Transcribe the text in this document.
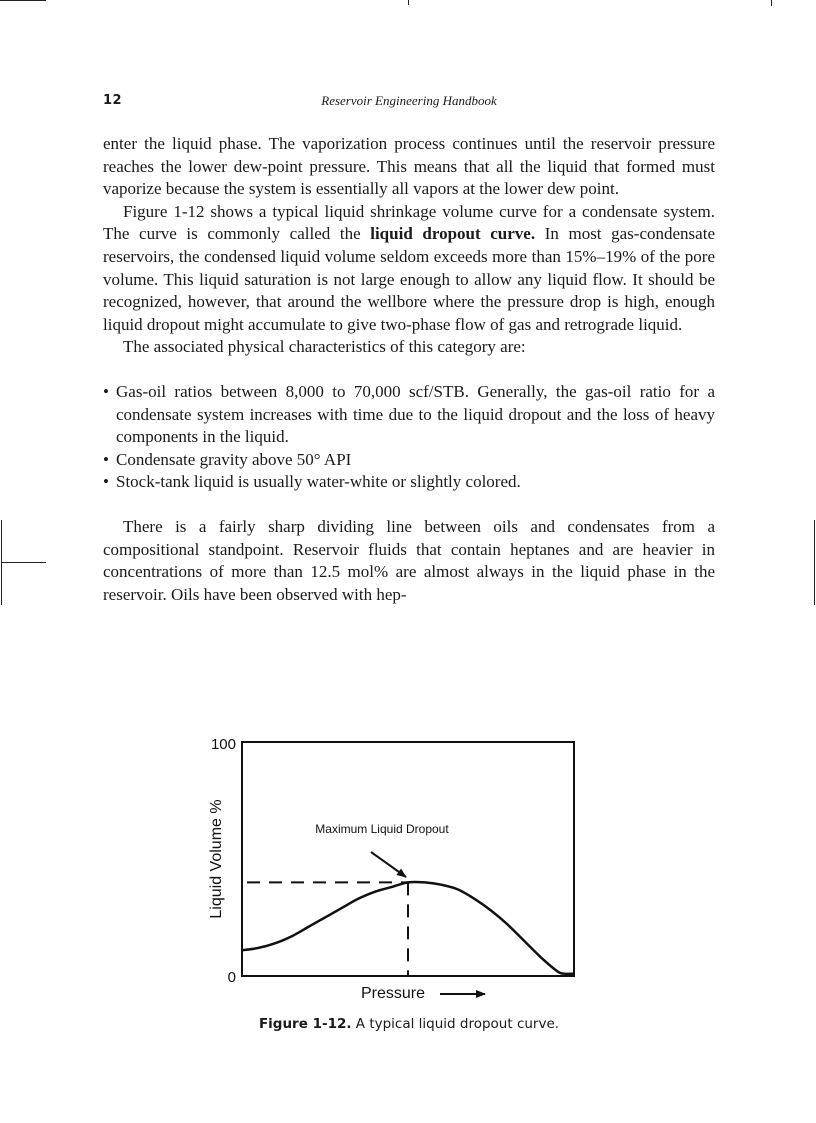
12	Reservoir Engineering Handbook

enter the liquid phase. The vaporization process continues until the reservoir pressure reaches the lower dew-point pressure. This means that all the liquid that formed must vaporize because the system is essentially all vapors at the lower dew point.

Figure 1-12 shows a typical liquid shrinkage volume curve for a condensate system. The curve is commonly called the liquid dropout curve. In most gas-condensate reservoirs, the condensed liquid volume seldom exceeds more than 15%–19% of the pore volume. This liquid saturation is not large enough to allow any liquid flow. It should be recognized, however, that around the wellbore where the pressure drop is high, enough liquid dropout might accumulate to give two-phase flow of gas and retrograde liquid.

The associated physical characteristics of this category are:

• Gas-oil ratios between 8,000 to 70,000 scf/STB. Generally, the gas-oil ratio for a condensate system increases with time due to the liquid dropout and the loss of heavy components in the liquid.
• Condensate gravity above 50° API
• Stock-tank liquid is usually water-white or slightly colored.

There is a fairly sharp dividing line between oils and condensates from a compositional standpoint. Reservoir fluids that contain heptanes and are heavier in concentrations of more than 12.5 mol% are almost always in the liquid phase in the reservoir. Oils have been observed with hep-

100
0
Liquid Volume %
Pressure
Maximum Liquid Dropout
Figure 1-12. A typical liquid dropout curve.
